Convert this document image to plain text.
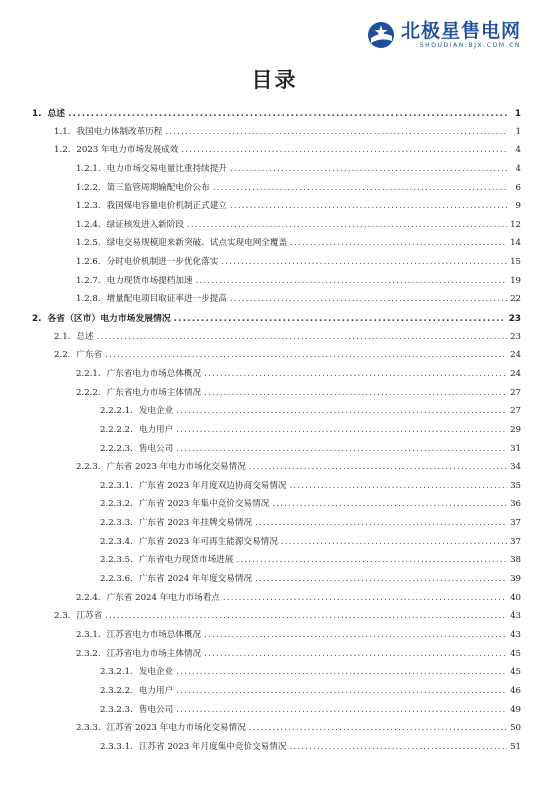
北极星售电网
SHOUDIAN.BJX.COM.CN
目录
1. 总述 .....	1
1.1. 我国电力体制改革历程 .....	1
1.2. 2023 年电力市场发展成效 .....	4
1.2.1. 电力市场交易电量比重持续提升 .....	4
1.2.2. 第三监管周期输配电价公布 .....	6
1.2.3. 我国煤电容量电价机制正式建立 .....	9
1.2.4. 绿证核发进入新阶段 .....	12
1.2.5. 绿电交易规模迎来新突破、试点实现电网全覆盖 .....	14
1.2.6. 分时电价机制进一步优化落实 .....	15
1.2.7. 电力现货市场提档加速 .....	19
1.2.8. 增量配电项目取证率进一步提高 .....	22
2. 各省（区市）电力市场发展情况 .....	23
2.1. 总述 .....	23
2.2. 广东省 .....	24
2.2.1. 广东省电力市场总体概况 .....	24
2.2.2. 广东省电力市场主体情况 .....	27
2.2.2.1. 发电企业 .....	27
2.2.2.2. 电力用户 .....	29
2.2.2.3. 售电公司 .....	31
2.2.3. 广东省 2023 年电力市场化交易情况 .....	34
2.2.3.1. 广东省 2023 年月度双边协商交易情况 .....	35
2.2.3.2. 广东省 2023 年集中竞价交易情况 .....	36
2.2.3.3. 广东省 2023 年挂牌交易情况 .....	37
2.2.3.4. 广东省 2023 年可再生能源交易情况 .....	37
2.2.3.5. 广东省电力现货市场进展 .....	38
2.2.3.6. 广东省 2024 年年度交易情况 .....	39
2.2.4. 广东省 2024 年电力市场看点 .....	40
2.3. 江苏省 .....	43
2.3.1. 江苏省电力市场总体概况 .....	43
2.3.2. 江苏省电力市场主体情况 .....	45
2.3.2.1. 发电企业 .....	45
2.3.2.2. 电力用户 .....	46
2.3.2.3. 售电公司 .....	49
2.3.3. 江苏省 2023 年电力市场化交易情况 .....	50
2.3.3.1. 江苏省 2023 年月度集中竞价交易情况 .....	51
